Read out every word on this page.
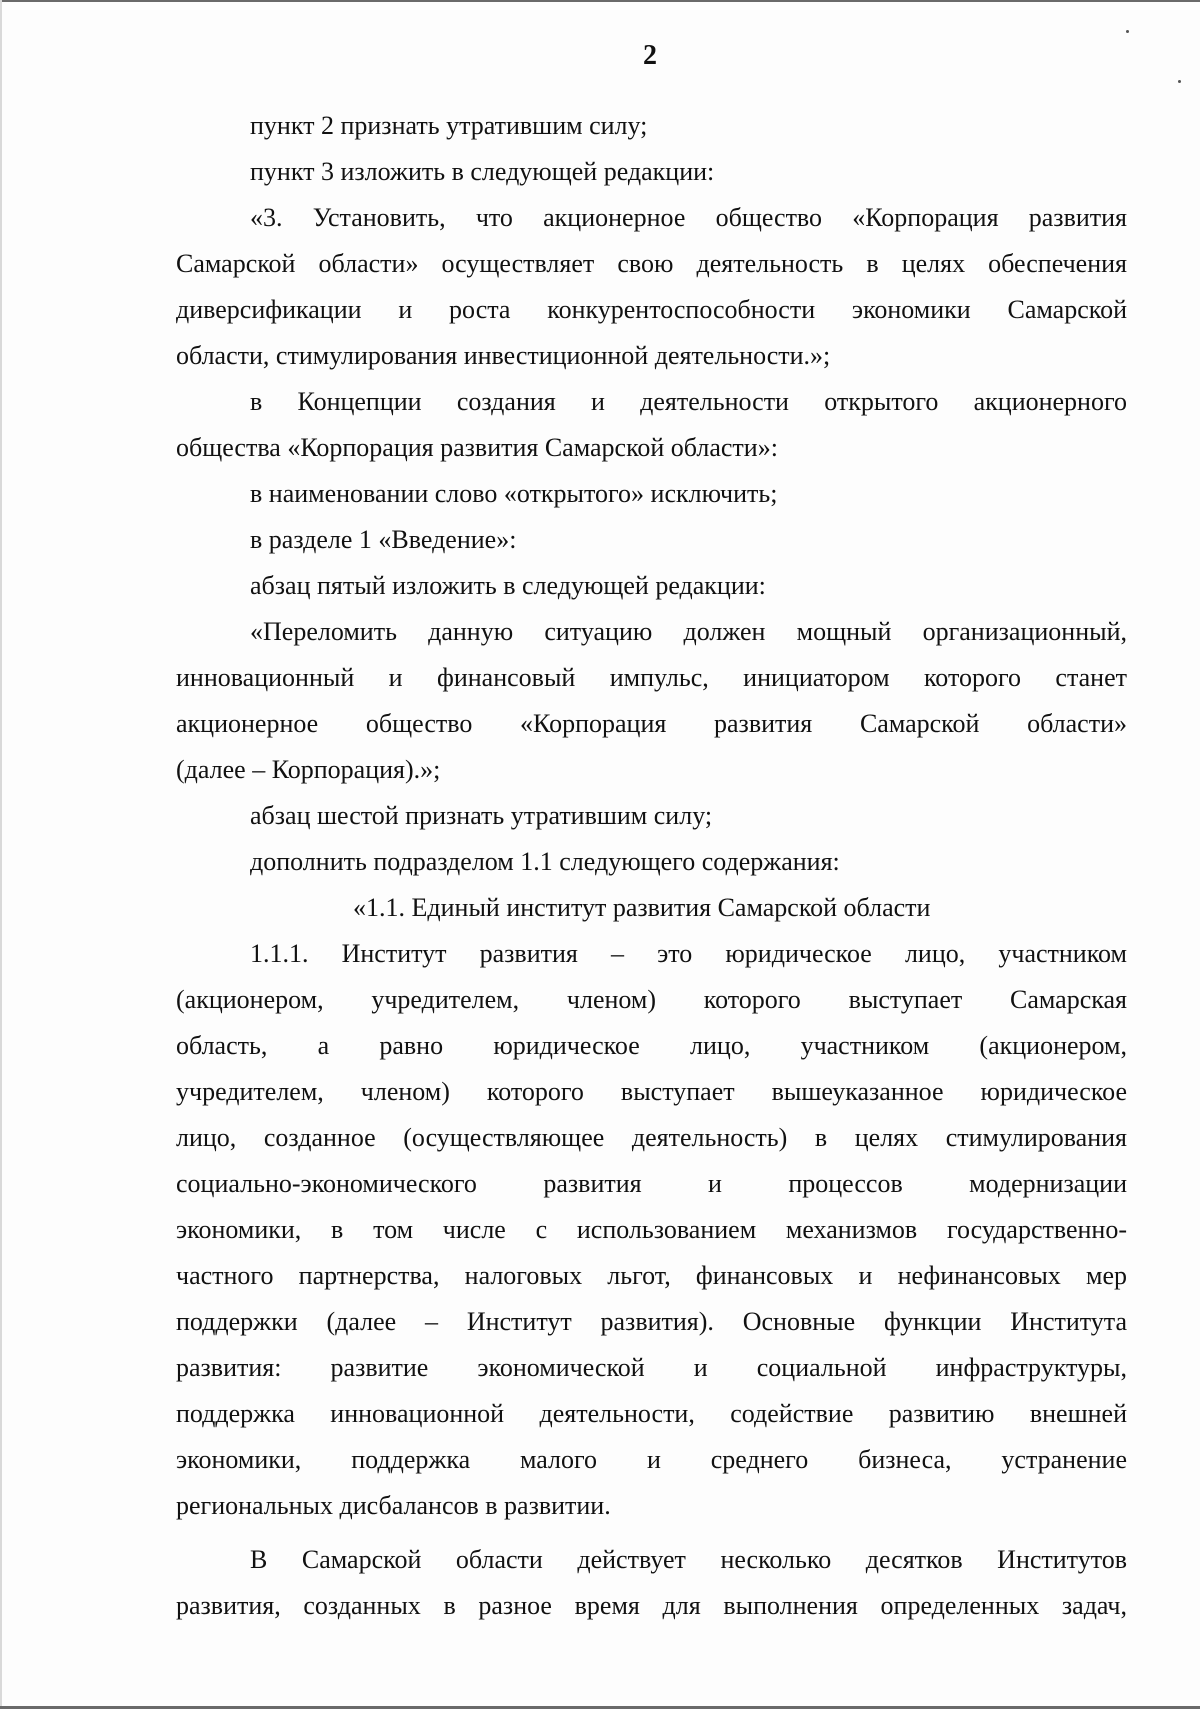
2
пункт 2 признать утратившим силу;
пункт 3 изложить в следующей редакции:
«3. Установить, что акционерное общество «Корпорация развития
Самарской области» осуществляет свою деятельность в целях обеспечения
диверсификации и роста конкурентоспособности экономики Самарской
области, стимулирования инвестиционной деятельности.»;
в Концепции создания и деятельности открытого акционерного
общества «Корпорация развития Самарской области»:
в наименовании слово «открытого» исключить;
в разделе 1 «Введение»:
абзац пятый изложить в следующей редакции:
«Переломить данную ситуацию должен мощный организационный,
инновационный и финансовый импульс, инициатором которого станет
акционерное общество «Корпорация развития Самарской области»
(далее – Корпорация).»;
абзац шестой признать утратившим силу;
дополнить подразделом 1.1 следующего содержания:
«1.1. Единый институт развития Самарской области
1.1.1. Институт развития – это юридическое лицо, участником
(акционером, учредителем, членом) которого выступает Самарская
область, а равно юридическое лицо, участником (акционером,
учредителем, членом) которого выступает вышеуказанное юридическое
лицо, созданное (осуществляющее деятельность) в целях стимулирования
социально-экономического развития и процессов модернизации
экономики, в том числе с использованием механизмов государственно-
частного партнерства, налоговых льгот, финансовых и нефинансовых мер
поддержки (далее – Институт развития). Основные функции Института
развития: развитие экономической и социальной инфраструктуры,
поддержка инновационной деятельности, содействие развитию внешней
экономики, поддержка малого и среднего бизнеса, устранение
региональных дисбалансов в развитии.
В Самарской области действует несколько десятков Институтов
развития, созданных в разное время для выполнения определенных задач,
